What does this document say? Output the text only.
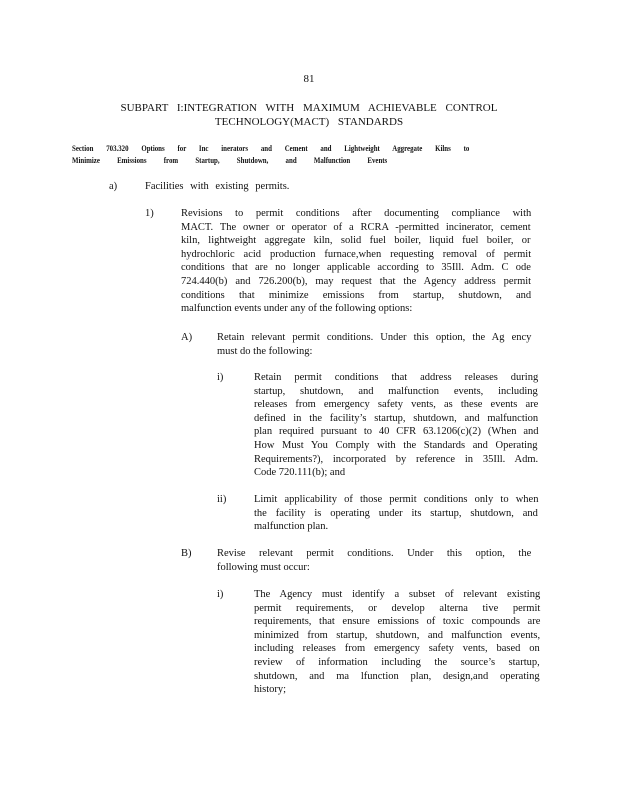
81
SUBPART I:INTEGRATION WITH MAXIMUM ACHIEVABLE CONTROL
TECHNOLOGY(MACT) STANDARDS
Section 703.320 Options for Inc inerators and Cement and Lightweight Aggregate Kilns to
Minimize Emissions from Startup, Shutdown, and Malfunction Events
a)	Facilities with existing permits.
1)	Revisions to permit conditions after documenting compliance with
MACT. The owner or operator of a RCRA -permitted incinerator, cement
kiln, lightweight aggregate kiln, solid fuel boiler, liquid fuel boiler, or
hydrochloric acid production furnace,when requesting removal of permit
conditions that are no longer applicable according to 35Ill. Adm. C ode
724.440(b) and 726.200(b), may request that the Agency address permit
conditions that minimize emissions from startup, shutdown, and
malfunction events under any of the following options:
A) Retain relevant permit conditions. Under this option, the Ag ency
must do the following:
i)	Retain permit conditions that address releases during
startup, shutdown, and malfunction events, including
releases from emergency safety vents, as these events are
defined in the facility’s startup, shutdown, and malfunction
plan required pursuant to 40 CFR 63.1206(c)(2) (When and
How Must You Comply with the Standards and Operating
Requirements?), incorporated by reference in 35Ill. Adm.
Code 720.111(b); and
ii)	Limit applicability of those permit conditions only to when
the facility is operating under its startup, shutdown, and
malfunction plan.
B) Revise relevant permit conditions. Under this option, the
following must occur:
i)	The Agency must identify a subset of relevant existing
permit requirements, or develop alterna tive permit
requirements, that ensure emissions of toxic compounds are
minimized from startup, shutdown, and malfunction events,
including releases from emergency safety vents, based on
review of information including the source’s startup,
shutdown, and ma lfunction plan, design,and operating
history;
